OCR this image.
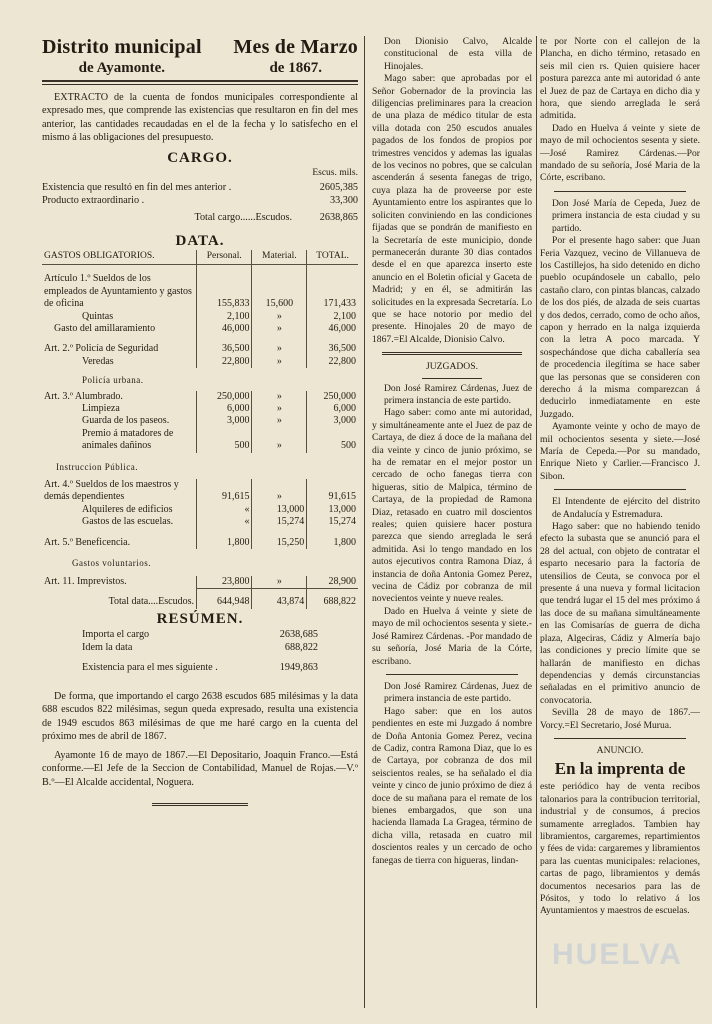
Distrito municipal
de Ayamonte.
Mes de Marzo
de 1867.
EXTRACTO de la cuenta de fondos municipales correspondiente al expresado mes, que comprende las existencias que resultaron en fin del mes anterior, las cantidades recaudadas en el de la fecha y lo satisfecho en el mismo á las obligaciones del presupuesto.
CARGO.
Escus. mils.
Existencia que resultó en fin del mes anterior .	2605,385
Producto extraordinario .	33,300
Total cargo......Escudos.	2638,865
DATA.
GASTOS OBLIGATORIOS.	Personal.	Material.	TOTAL.
Artículo 1.º Sueldos de los empleados de Ayuntamiento y gastos de oficina	155,833	15,600	171,433
Quintas	2,100	»	2,100
Gasto del amillaramiento	46,000	»	46,000
Art. 2.º Policía de Seguridad	36,500	»	36,500
Veredas	22,800	»	22,800
Policía urbana.			
Art. 3.º Alumbrado.	250,000	»	250,000
Limpieza	6,000	»	6,000
Guarda de los paseos.	3,000	»	3,000
Premio á matadores de animales dañinos	500	»	500
Instruccion Pública.			
Art. 4.º Sueldos de los maestros y demás dependientes	91,615	»	91,615
Alquileres de edificios	«	13,000	13,000
Gastos de las escuelas.	«	15,274	15,274
Art. 5.º Beneficencia.	1,800	15,250	1,800
Gastos voluntarios.			
Art. 11. Imprevistos.	23,800	»	28,900
Total data....Escudos.	644,948	43,874	688,822
RESÚMEN.
Importa el cargo	2638,685
Idem la data	688,822
Existencia para el mes siguiente .	1949,863
De forma, que importando el cargo 2638 escudos 685 milésimas y la data 688 escudos 822 milésimas, segun queda expresado, resulta una existencia de 1949 escudos 863 milésimas de que me haré cargo en la cuenta del próximo mes de abril de 1867.
Ayamonte 16 de mayo de 1867.—El Depositario, Joaquin Franco.—Está conforme.—El Jefe de la Seccion de Contabilidad, Manuel de Rojas.—V.º B.º—El Alcalde accidental, Noguera.
Don Dionisio Calvo, Alcalde constitucional de esta villa de Hinojales.
Mago saber: que aprobadas por el Señor Gobernador de la provincia las diligencias preliminares para la creacion de una plaza de médico titular de esta villa dotada con 250 escudos anuales pagados de los fondos de propios por trimestres vencidos y ademas las igualas de los vecinos no pobres, que se calculan ascenderán á sesenta fanegas de trigo, cuya plaza ha de proveerse por este Ayuntamiento entre los aspirantes que lo soliciten conviniendo en las condiciones fijadas que se pondrán de manifiesto en la Secretaría de este municipio, donde permanecerán durante 30 dias contados desde el en que aparezca inserto este anuncio en el Boletin oficial y Gaceta de Madrid; y en él, se admitirán las solicitudes en la expresada Secretaría. Lo que se hace notorio por medio del presente. Hinojales 20 de mayo de 1867.=El Alcalde, Dionisio Calvo.
JUZGADOS.
Don José Ramirez Cárdenas, Juez de primera instancia de este partido.
Hago saber: como ante mi autoridad, y simultáneamente ante el Juez de paz de Cartaya, de diez á doce de la mañana del dia veinte y cinco de junio próximo, se ha de rematar en el mejor postor un cercado de ocho fanegas tierra con higueras, sitio de Malpica, término de Cartaya, de la propiedad de Ramona Diaz, retasado en cuatro mil doscientos reales; quien quisiere hacer postura parezca que siendo arreglada le será admitida. Asi lo tengo mandado en los autos ejecutivos contra Ramona Diaz, á instancia de doña Antonia Gomez Perez, vecina de Cádiz por cobranza de mil novecientos veinte y nueve reales.
Dado en Huelva á veinte y siete de mayo de mil ochocientos sesenta y siete.-José Ramirez Cárdenas. -Por mandado de su señoría, José Maria de la Córte, escribano.
Don José Ramirez Cárdenas, Juez de primera instancia de este partido.
Hago saber: que en los autos pendientes en este mi Juzgado á nombre de Doña Antonia Gomez Perez, vecina de Cadiz, contra Ramona Diaz, que lo es de Cartaya, por cobranza de dos mil seiscientos reales, se ha señalado el dia veinte y cinco de junio próximo de diez á doce de su mañana para el remate de los bienes embargados, que son una hacienda llamada La Gragea, término de dicha villa, retasada en cuatro mil doscientos reales y un cercado de ocho fanegas de tierra con higueras, lindan-
te por Norte con el callejon de la Plancha, en dicho término, retasado en seis mil cien rs. Quien quisiere hacer postura parezca ante mi autoridad ó ante el Juez de paz de Cartaya en dicho dia y hora, que siendo arreglada le será admitida.
Dado en Huelva á veinte y siete de mayo de mil ochocientos sesenta y siete.—José Ramirez Cárdenas.—Por mandado de su señoría, José Maria de la Córte, escribano.
Don José María de Cepeda, Juez de primera instancia de esta ciudad y su partido.
Por el presente hago saber: que Juan Feria Vazquez, vecino de Villanueva de los Castillejos, ha sido detenido en dicho pueblo ocupándosele un caballo, pelo castaño claro, con pintas blancas, calzado de los dos piés, de alzada de seis cuartas y dos dedos, cerrado, como de ocho años, capon y herrado en la nalga izquierda con la letra A poco marcada. Y sospechándose que dicha caballería sea de procedencia ilegítima se hace saber que las personas que se consideren con derecho á la misma comparezcan á deducirlo inmediatamente en este Juzgado.
Ayamonte veinte y ocho de mayo de mil ochocientos sesenta y siete.—José María de Cepeda.—Por su mandado, Enrique Nieto y Carlier.—Francisco J. Sibon.
El Intendente de ejército del distrito de Andalucía y Estremadura.
Hago saber: que no habiendo tenido efecto la subasta que se anunció para el 28 del actual, con objeto de contratar el esparto necesario para la factoría de utensilios de Ceuta, se convoca por el presente á una nueva y formal licitacion que tendrá lugar el 15 del mes próximo á las doce de su mañana simultáneamente en las Comisarías de guerra de dicha plaza, Algeciras, Cádiz y Almería bajo las condiciones y precio límite que se hallarán de manifiesto en dichas dependencias y demás circunstancias señaladas en el primitivo anuncio de convocatoria.
Sevilla 28 de mayo de 1867.—Vorcy.=El Secretario, José Murua.
ANUNCIO.
En la imprenta de
este periódico hay de venta recibos talonarios para la contribucion territorial, industrial y de consumos, á precios sumamente arreglados. Tambien hay libramientos, cargaremes, repartimientos y fées de vida: cargaremes y libramientos para las cuentas municipales: relaciones, cartas de pago, libramientos y demás documentos necesarios para las de Pósitos, y todo lo relativo á los Ayuntamientos y maestros de escuelas.
HUELVA
